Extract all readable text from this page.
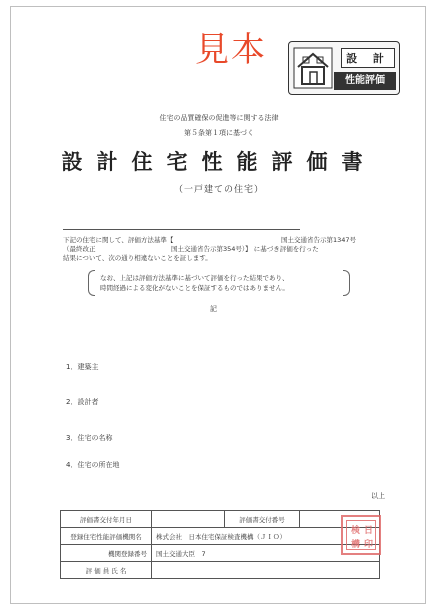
見本	設 計
性能評価
住宅の品質確保の促進等に関する法律
第５条第１項に基づく
設計住宅性能評価書
（一戸建ての住宅）
下記の住宅に関して、評価方法基準【	国土交通省告示第1347号
（最終改正	国土交通省告示第354号）】 に基づき評価を行った
結果について、次の通り相違ないことを証します。
なお、上記は評価方法基準に基づいて評価を行った結果であり、
時間経過による変化がないことを保証するものではありません。
記
1．建築主
2．設計者
3．住宅の名称
4．住宅の所在地
以上
評価書交付年月日		評価書交付番号	
登録住宅性能評価機関名	株式会社　日本住宅保証検査機構（ＪＩＯ）		
機関登録番号	国土交通大臣　7		
評 価 員 氏 名			
検 日
構 印
